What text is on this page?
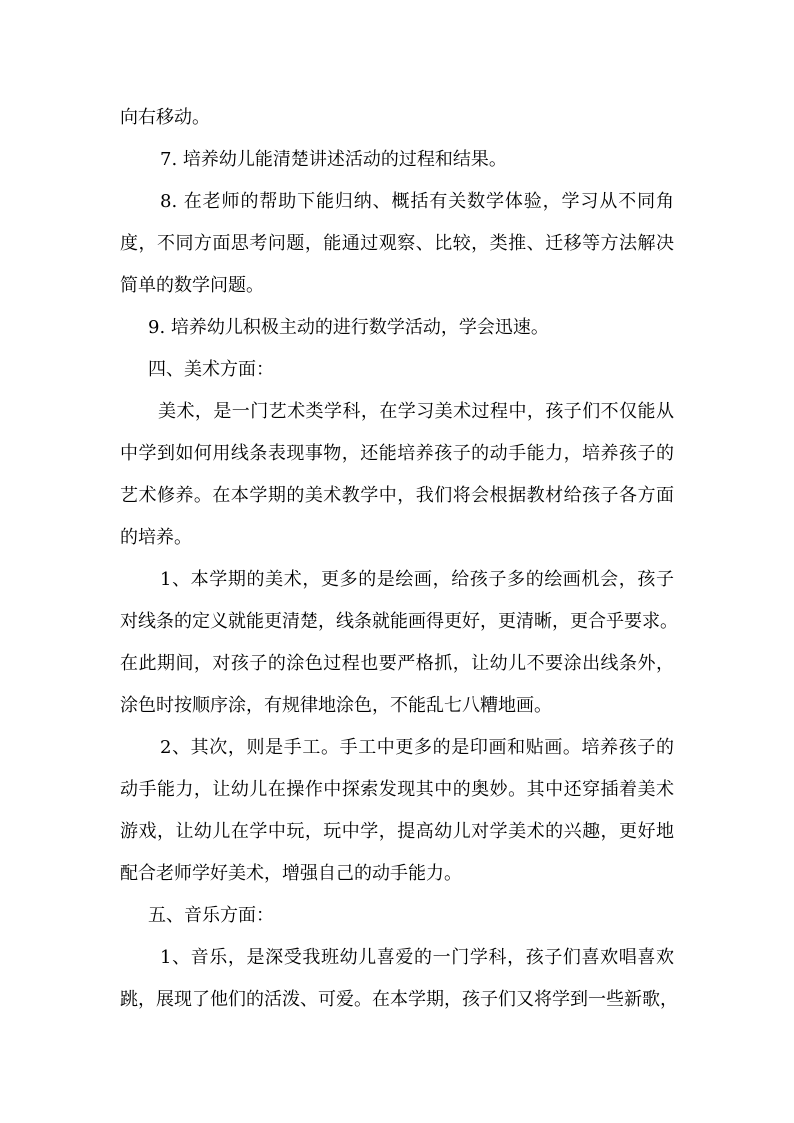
向右移动。
7. 培养幼儿能清楚讲述活动的过程和结果。
8. 在老师的帮助下能归纳、概括有关数学体验，学习从不同角
度，不同方面思考问题，能通过观察、比较，类推、迁移等方法解决
简单的数学问题。
9. 培养幼儿积极主动的进行数学活动，学会迅速。
四、美术方面：
美术，是一门艺术类学科，在学习美术过程中，孩子们不仅能从
中学到如何用线条表现事物，还能培养孩子的动手能力，培养孩子的
艺术修养。在本学期的美术教学中，我们将会根据教材给孩子各方面
的培养。
1、本学期的美术，更多的是绘画，给孩子多的绘画机会，孩子
对线条的定义就能更清楚，线条就能画得更好，更清晰，更合乎要求。
在此期间，对孩子的涂色过程也要严格抓，让幼儿不要涂出线条外，
涂色时按顺序涂，有规律地涂色，不能乱七八糟地画。
2、其次，则是手工。手工中更多的是印画和贴画。培养孩子的
动手能力，让幼儿在操作中探索发现其中的奥妙。其中还穿插着美术
游戏，让幼儿在学中玩，玩中学，提高幼儿对学美术的兴趣，更好地
配合老师学好美术，增强自己的动手能力。
五、音乐方面：
1、音乐，是深受我班幼儿喜爱的一门学科，孩子们喜欢唱喜欢
跳，展现了他们的活泼、可爱。在本学期，孩子们又将学到一些新歌，
